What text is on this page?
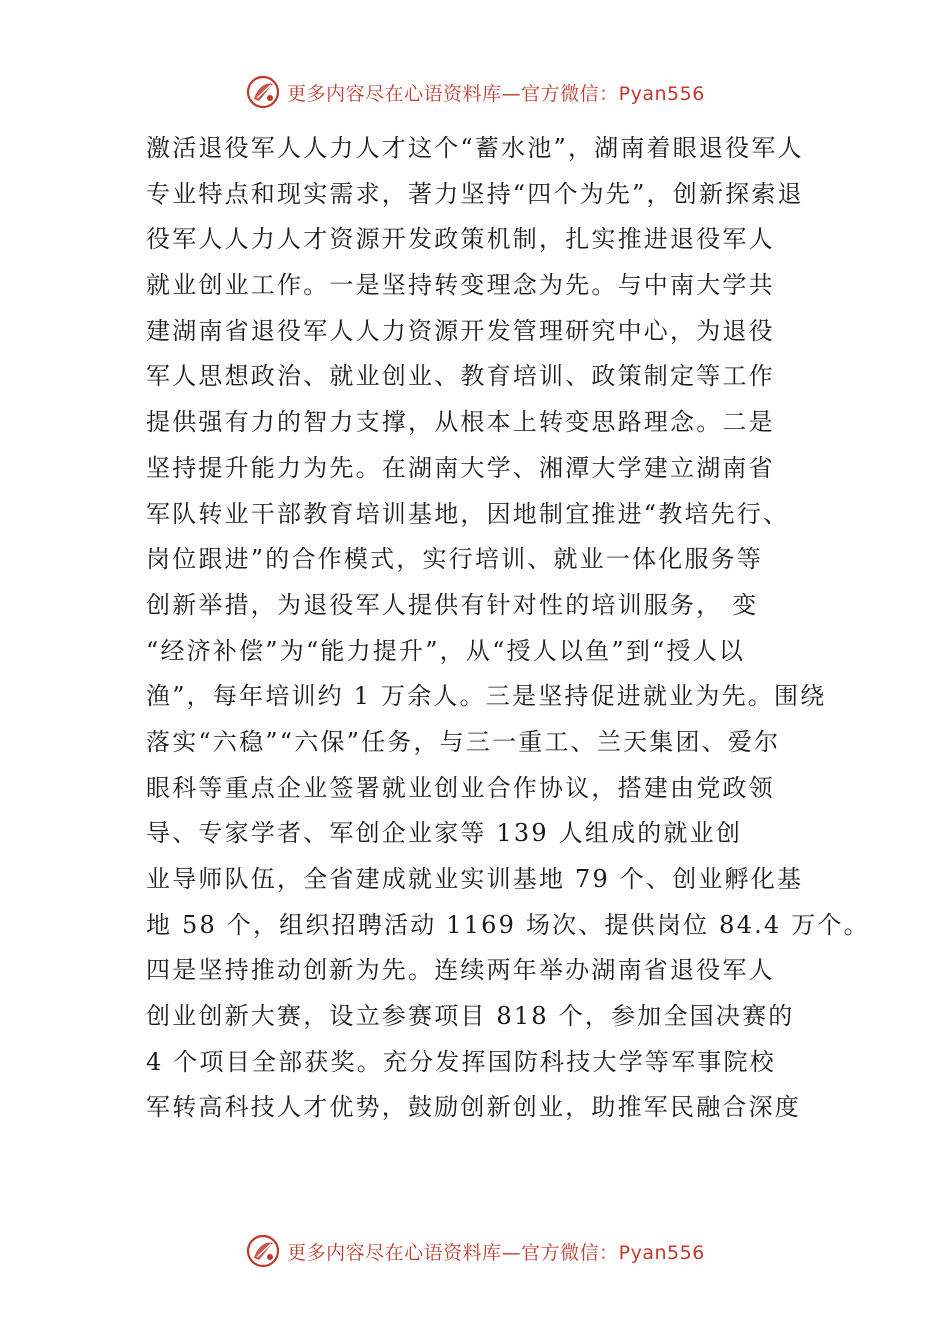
更多内容尽在心语资料库—官方微信：Pyan556
激活退役军人人力人才这个“蓄水池”，湖南着眼退役军人
专业特点和现实需求，著力坚持“四个为先”，创新探索退
役军人人力人才资源开发政策机制，扎实推进退役军人
就业创业工作。一是坚持转变理念为先。与中南大学共
建湖南省退役军人人力资源开发管理研究中心，为退役
军人思想政治、就业创业、教育培训、政策制定等工作
提供强有力的智力支撑，从根本上转变思路理念。二是
坚持提升能力为先。在湖南大学、湘潭大学建立湖南省
军队转业干部教育培训基地，因地制宜推进“教培先行、
岗位跟进”的合作模式，实行培训、就业一体化服务等
创新举措，为退役军人提供有针对性的培训服务， 变
“经济补偿”为“能力提升”，从“授人以鱼”到“授人以
渔”，每年培训约 1 万余人。三是坚持促进就业为先。围绕
落实“六稳”“六保”任务，与三一重工、兰天集团、爱尔
眼科等重点企业签署就业创业合作协议，搭建由党政领
导、专家学者、军创企业家等 139 人组成的就业创
业导师队伍，全省建成就业实训基地 79 个、创业孵化基
地 58 个，组织招聘活动 1169 场次、提供岗位 84.4 万个。
四是坚持推动创新为先。连续两年举办湖南省退役军人
创业创新大赛，设立参赛项目 818 个，参加全国决赛的
4 个项目全部获奖。充分发挥国防科技大学等军事院校
军转高科技人才优势，鼓励创新创业，助推军民融合深度
更多内容尽在心语资料库—官方微信：Pyan556
